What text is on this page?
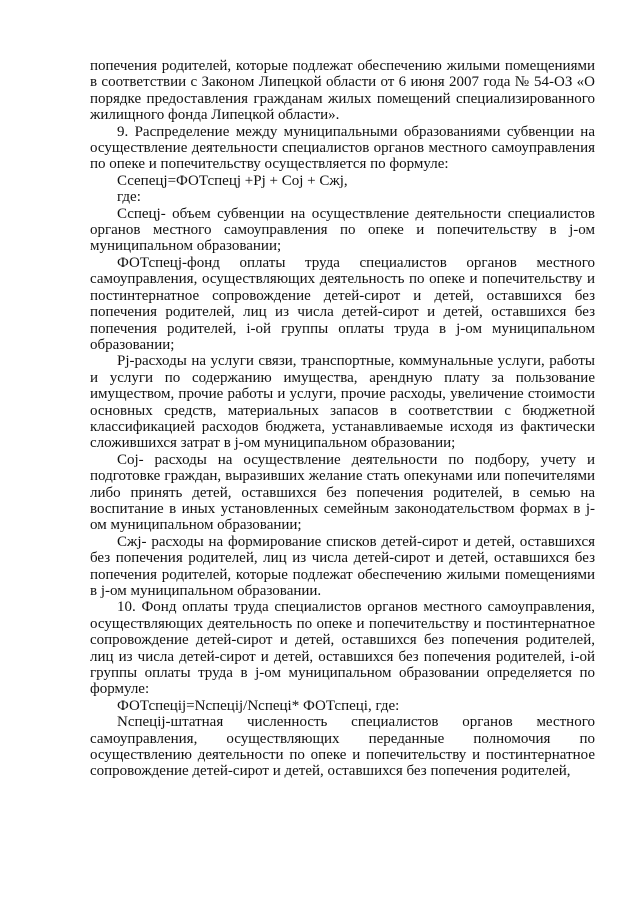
попечения родителей, которые подлежат обеспечению жилыми помещениями в соответствии с Законом Липецкой области от 6 июня 2007 года № 54-ОЗ «О порядке предоставления гражданам жилых помещений специализированного жилищного фонда Липецкой области».

9. Распределение между муниципальными образованиями субвенции на осуществление деятельности специалистов органов местного самоуправления по опеке и попечительству осуществляется по формуле:

Ссепецj=ФОТспецj +Pj + Coj + Cжj,

где:

Сспецj- объем субвенции на осуществление деятельности специалистов органов местного самоуправления по опеке и попечительству в j-ом муниципальном образовании;

ФОТспецj-фонд оплаты труда специалистов органов местного самоуправления, осуществляющих деятельность по опеке и попечительству и постинтернатное сопровождение детей-сирот и детей, оставшихся без попечения родителей, лиц из числа детей-сирот и детей, оставшихся без попечения родителей, i-ой группы оплаты труда в j-ом муниципальном образовании;

Pj-расходы на услуги связи, транспортные, коммунальные услуги, работы и услуги по содержанию имущества, арендную плату за пользование имуществом, прочие работы и услуги, прочие расходы, увеличение стоимости основных средств, материальных запасов в соответствии с бюджетной классификацией расходов бюджета, устанавливаемые исходя из фактически сложившихся затрат в j-ом муниципальном образовании;

Coj- расходы на осуществление деятельности по подбору, учету и подготовке граждан, выразивших желание стать опекунами или попечителями либо принять детей, оставшихся без попечения родителей, в семью на воспитание в иных установленных семейным законодательством формах в j-ом муниципальном образовании;

Cжj- расходы на формирование списков детей-сирот и детей, оставшихся без попечения родителей, лиц из числа детей-сирот и детей, оставшихся без попечения родителей, которые подлежат обеспечению жилыми помещениями в j-ом муниципальном образовании.

10. Фонд оплаты труда специалистов органов местного самоуправления, осуществляющих деятельность по опеке и попечительству и постинтернатное сопровождение детей-сирот и детей, оставшихся без попечения родителей, лиц из числа детей-сирот и детей, оставшихся без попечения родителей, i-ой группы оплаты труда в j-ом муниципальном образовании определяется по формуле:

ФОТспецij=Nспецij/Nспецi* ФОТспецi, где:

Nспецij-штатная численность специалистов органов местного самоуправления, осуществляющих переданные полномочия по осуществлению деятельности по опеке и попечительству и постинтернатное сопровождение детей-сирот и детей, оставшихся без попечения родителей,
